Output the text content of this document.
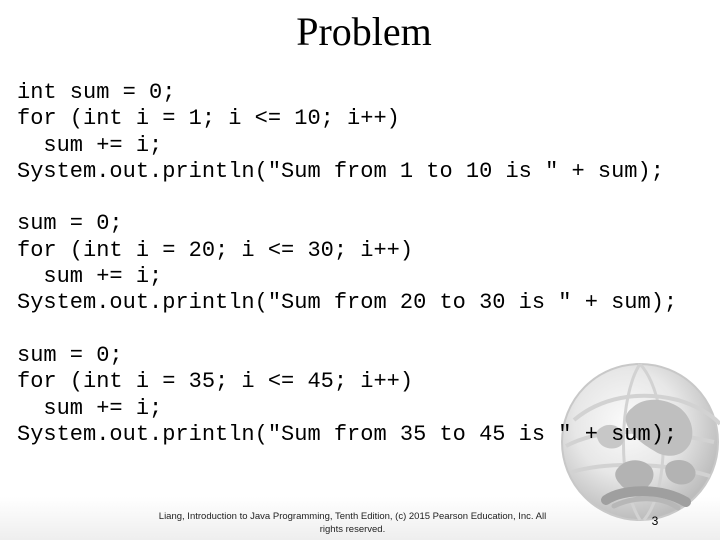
Problem
int sum = 0;
for (int i = 1; i <= 10; i++)
sum += i;
System.out.println("Sum from 1 to 10 is " + sum);
sum = 0;
for (int i = 20; i <= 30; i++)
sum += i;
System.out.println("Sum from 20 to 30 is " + sum);
sum = 0;
for (int i = 35; i <= 45; i++)
sum += i;
System.out.println("Sum from 35 to 45 is " + sum);
Liang, Introduction to Java Programming, Tenth Edition, (c) 2015 Pearson Education, Inc. All
rights reserved.
3
